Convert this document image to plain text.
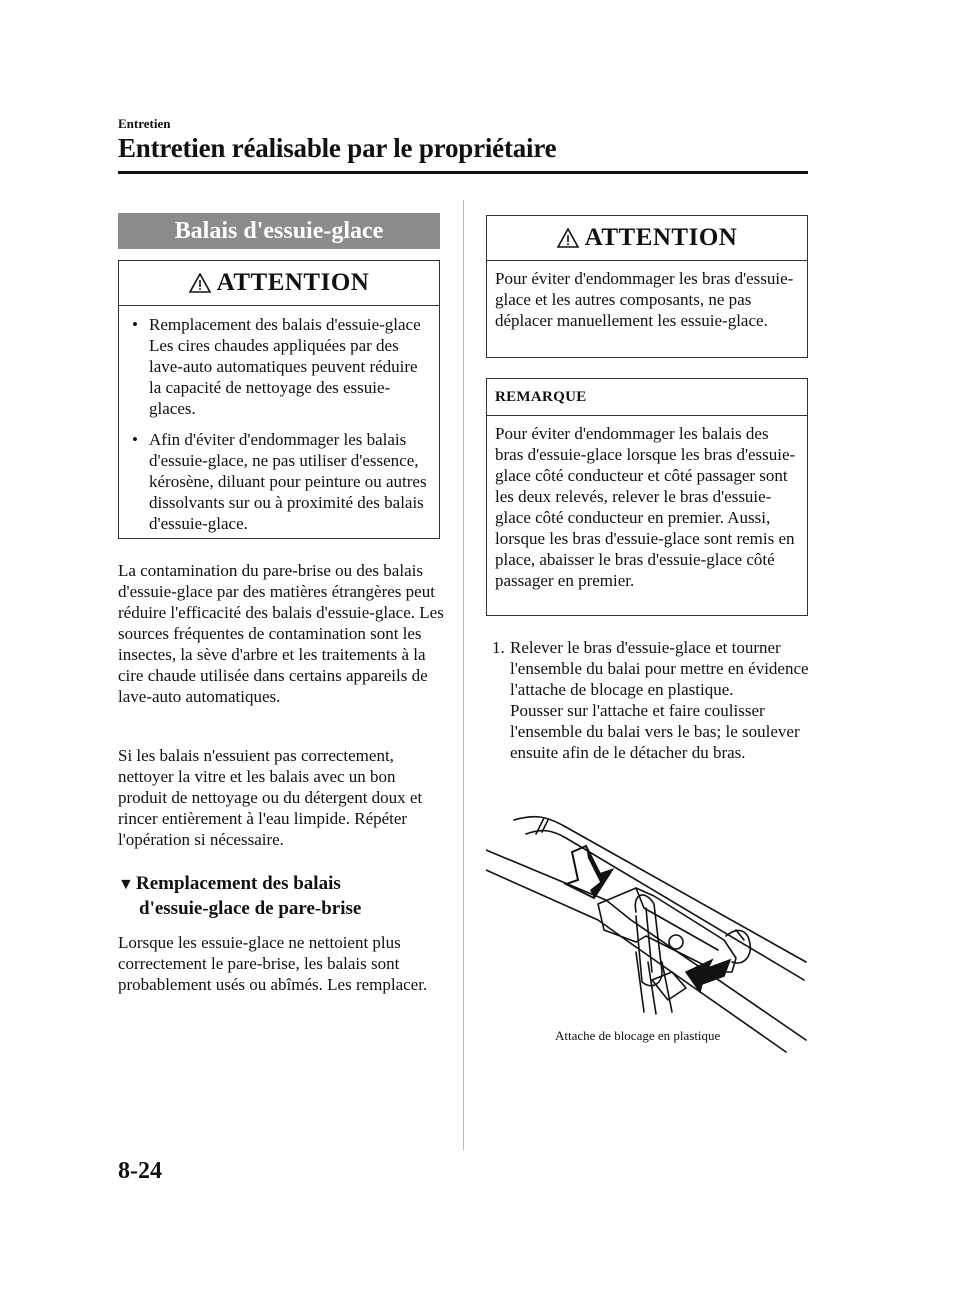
Entretien
Entretien réalisable par le propriétaire
Balais d'essuie-glace
ATTENTION
• Remplacement des balais d'essuie-glace Les cires chaudes appliquées par des lave-auto automatiques peuvent réduire la capacité de nettoyage des essuie-glaces.
• Afin d'éviter d'endommager les balais d'essuie-glace, ne pas utiliser d'essence, kérosène, diluant pour peinture ou autres dissolvants sur ou à proximité des balais d'essuie-glace.
La contamination du pare-brise ou des balais d'essuie-glace par des matières étrangères peut réduire l'efficacité des balais d'essuie-glace. Les sources fréquentes de contamination sont les insectes, la sève d'arbre et les traitements à la cire chaude utilisée dans certains appareils de lave-auto automatiques.
Si les balais n'essuient pas correctement, nettoyer la vitre et les balais avec un bon produit de nettoyage ou du détergent doux et rincer entièrement à l'eau limpide. Répéter l'opération si nécessaire.
▼ Remplacement des balais
d'essuie-glace de pare-brise
Lorsque les essuie-glace ne nettoient plus correctement le pare-brise, les balais sont probablement usés ou abîmés. Les remplacer.
ATTENTION
Pour éviter d'endommager les bras d'essuie-glace et les autres composants, ne pas déplacer manuellement les essuie-glace.
REMARQUE
Pour éviter d'endommager les balais des bras d'essuie-glace lorsque les bras d'essuie-glace côté conducteur et côté passager sont les deux relevés, relever le bras d'essuie-glace côté conducteur en premier. Aussi, lorsque les bras d'essuie-glace sont remis en place, abaisser le bras d'essuie-glace côté passager en premier.
1. Relever le bras d'essuie-glace et tourner l'ensemble du balai pour mettre en évidence l'attache de blocage en plastique.
Pousser sur l'attache et faire coulisser l'ensemble du balai vers le bas; le soulever ensuite afin de le détacher du bras.
Attache de blocage en plastique
8-24
